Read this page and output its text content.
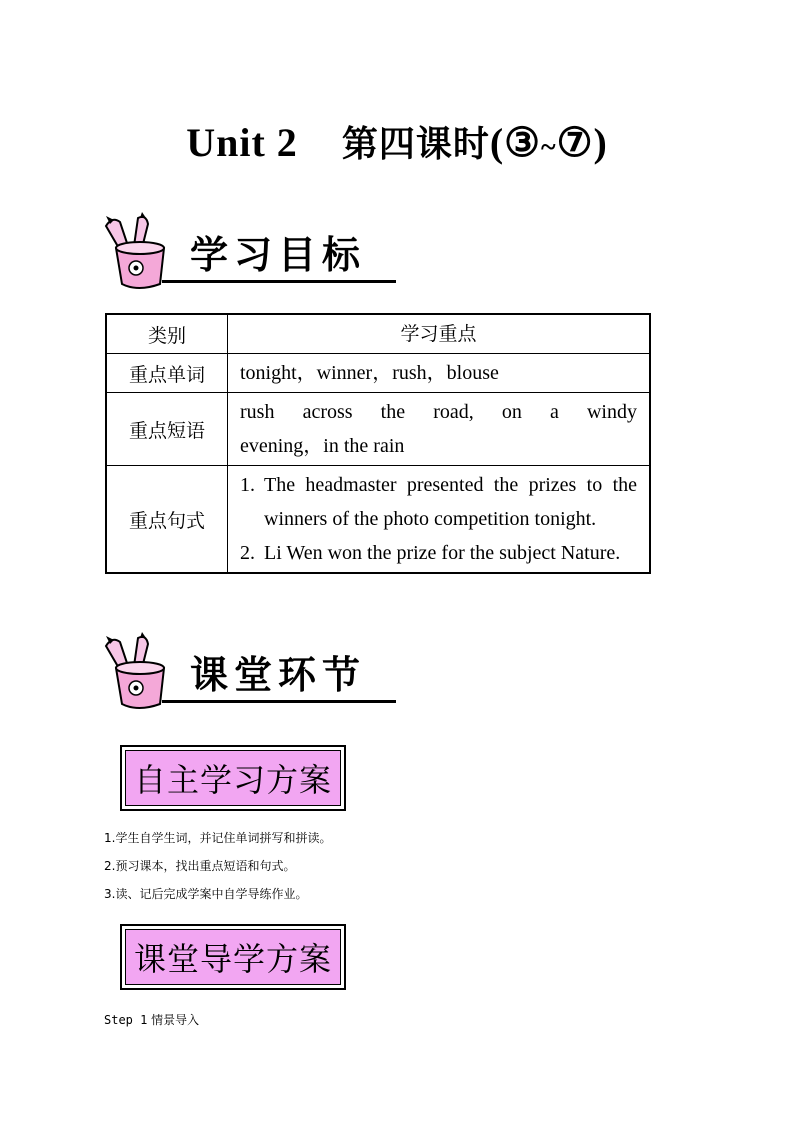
Unit 2 第四课时(③~⑦)
学习目标
类别	学习重点
重点单词	tonight，winner，rush，blouse
重点短语	rush across the road, on a windy
evening，in the rain

重点句式	1. The headmaster presented the prizes to the winners of the photo competition tonight.
2. Li Wen won the prize for the subject Nature.
课堂环节
自主学习方案
1.学生自学生词，并记住单词拼写和拼读。
2.预习课本，找出重点短语和句式。
3.读、记后完成学案中自学导练作业。
课堂导学方案
Step 1 情景导入
